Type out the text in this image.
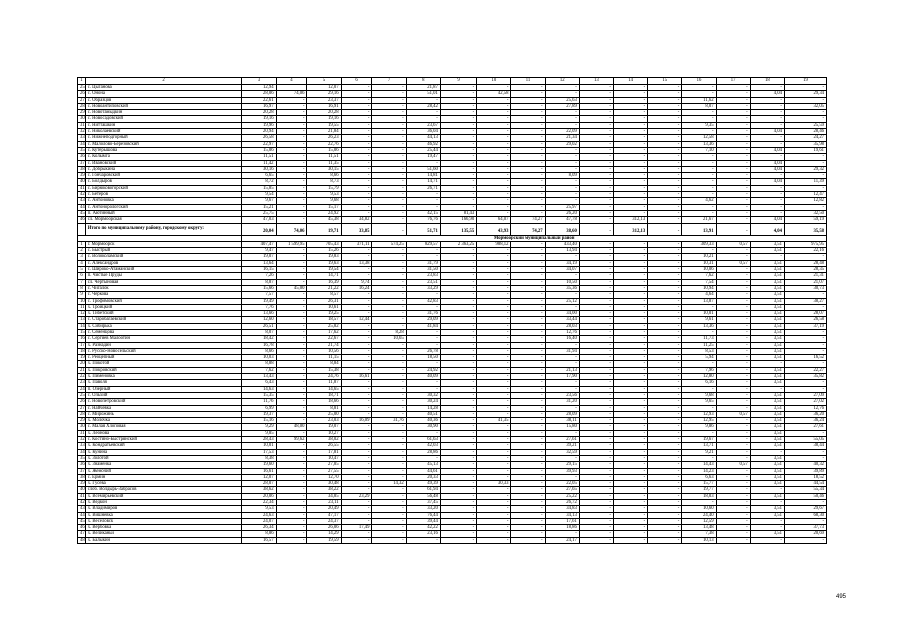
1	2	3	4	5	6	7	8	9	10	11	12	13	14	15	16	17	18	19
25	с. Цыганова	12,94		12,07	-	-	21,87	-	-	-	-	-	-	-	-	-	-	-
26	с. Онона	28,06	74,06	29,16	-	-	51,01	-	42,58	-	-	-	-	-	-	-	4,04	29,34
27	с. Образцов	22,61	-	23,37	-	-	-	-	-	-	25,63	-	-	-	11,62	-	-	-
28	с. Новоантиповский	16,97	-	16,91	-	-	28,42	-	-	-	27,89	-	-	-	8,07	-	-	32,05
29	с. Новотамыдкин	20,28	-	20,28	-	-	-	-	-	-	-	-	-	-	-	-	-	-
30	с. Новосадовский	19,16	-	19,16	-	-	-	-	-	-	-	-	-	-	-	-	-	-
31	с. Нитташкин	19,96	-	19,55	-	-	23,67	-	-	-	-	-	-	-	9,35	-	-	25,59
32	с. Николаевский	20,94	-	21,84	-	-	36,04	-	-	-	22,09	-	-	-	-	-	4,04	28,46
33	с. Нижнеподгорный	26,58	-	26,23	-	-	44,13	-	-	-	21,34	-	-	-	12,58	-	-	24,27
34	с. Малолово-Березовский	22,97	-	22,76	-	-	46,92	-	-	-	29,02	-	-	-	13,36	-	-	35,98
35	с. Кутерышова	15,06	-	15,06	-	-	25,44	-	-	-	-	-	-	-	7,10	-	4,04	19,61
36	с. Колымга	11,51	-	11,51	-	-	19,47	-	-	-	-	-	-	-	-	-	-	-
37	с. Ивановский	11,42	-	11,35	-	-	-	-	-	-	-	-	-	-	-	-	4,04	-
38	с. Добрыкина	30,16	-	30,15	-	-	51,60	-	-	-	-	-	-	-	-	-	4,04	29,32
39	с. Гончаровский	6,65	-	8,66	-	-	14,81	-	-	-	8,09	-	-	-	-	-	-	-
40	с. Болдыров	8,72	-	8,73	-	-	14,71	-	-	-	-	-	-	-	-	-	4,04	11,39
41	с. Бирюковогорский	15,85	-	15,79	-	-	26,71	-	-	-	-	-	-	-	-	-	-	-
42	с. Бетеров	9,54	-	9,53	-	-	-	-	-	-	-	-	-	-	-	-	-	12,47
43	с. Антоновка	9,67	-	9,68	-	-	-	-	-	-	-	-	-	-	4,62	-	-	12,82
44	с. Антонорологский	15,21	-	15,17	-	-	-	-	-	-	25,97	-	-	-	-	-	-	-
45	п. Аютинный	25,75	-	24,92	-	-	42,15	81,43	-	-	26,20	-	-	-	-	-	-	32,50
46	сл. Мормоорская	47,03	-	45,38	34,82	-	76,76	166,90	64,07	74,27	47,78	-	312,13	-	21,67	-	4,04	59,19
	Итого по муниципальному району, городскому округу:	20,04	74,06	19,71	33,85	-	51,71	135,55	43,93	74,27	38,60	-	312,13	-	13,91	-	4,04	35,58
		Мормоорский муниципальный район																
1	г. Мормоорск	407,47	1 599,95	705,43	371,11	574,25	829,57	2 363,25	988,12	-	433,40	-	-	-	309,33	0,57	3,51	975,95
2	с. Быстрый	9,47	-	15,26	-	-	-	-	-	-	13,94	-	-	-	-	-	3,51	22,16
3	с. Волоколамский	19,07	-	19,83	-	-	-	-	-	-	-	-	-	-	10,21	-	-	-
4	с. Александров	13,64	-	19,63	13,38	-	31,79	-	-	-	34,19	-	-	-	10,31	0,57	3,51	28,48
5	с. Широко-Атаманский	16,15	-	19,54	-	-	31,50	-	-	-	34,07	-	-	-	10,06	-	3,51	28,35
6	п. Чистые Пруды	7,26	-	14,71	-	-	23,83	-	-	-	-	-	-	-	7,62	-	3,51	21,31
7	сл. Чертыновая	8,87	-	16,39	9,74	-	23,51	-	-	-	10,50	-	-	-	7,54	-	3,51	21,07
8	с. Чигалок	15,66	45,00	21,22	16,24	-	33,29	-	-	-	35,36	-	-	-	10,94	-	3,51	30,73
9	с. Черкова	7,57	-	8,57	-	-	-	-	-	-	-	-	-	-	4,64	-	3,51	-
10	с. Трофимовский	19,49	-	26,31	-	-	42,83	-	-	-	25,12	-	-	-	13,87	-	3,51	38,27
11	х. Троицкий	7,76	-	10,61	-	-	-	-	-	-	-	-	-	-	-	-	3,51	-
12	х. Тибетский	13,66	-	19,25	-	-	31,76	-	-	-	34,00	-	-	-	10,01	-	3,51	28,07
13	с. Старобагаевский	12,60	-	18,57	12,44	-	29,09	-	-	-	33,44	-	-	-	9,61	-	3,51	26,58
14	х. Сибирька	26,51	-	25,82	-	-	41,84	-	-	-	28,03	-	-	-	13,36	-	3,51	37,19
15	с. Семенцова	8,07	-	17,62	-	8,28	-	-	-	-	12,76	-	-	-	-	-	3,51	-
16	с. Сергиев Малоотин	18,42	-	22,67	-	10,65	-	-	-	-	16,40	-	-	-	11,73	-	3,51	-
17	х. Разнадин	16,78	-	21,74	-	-	-	-	-	-	-	-	-	-	11,25	-	3,51	-
18	с. Русско-Новосельский	8,66	-	10,56	-	-	26,78	-	-	-	31,94	-	-	-	8,53	-	3,51	-
19	с. Реоцепный	10,03	-	11,15	-	-	18,50	-	-	-	-	-	-	-	5,94	-	3,51	16,52
20	х. Покотой	8,88	-	8,84	-	-	-	-	-	-	-	-	-	-	-	-	-	-
21	х. Покровский	7,62	-	15,38	-	-	24,92	-	-	-	21,13	-	-	-	7,96	-	3,51	22,27
22	х. Пименовка	13,43	-	24,76	16,61	-	40,09	-	-	-	17,90	-	-	-	12,80	-	3,51	35,82
23	х. Паволя	6,43	-	11,87	-	-	-	-	-	-	-	-	-	-	6,16	-	3,51	-
24	п. Озерный	14,63	-	14,65	-	-	-	-	-	-	-	-	-	-	-	-	-	-
25	с. Ольхий	15,35	-	18,71	-	-	30,32	-	-	-	23,56	-	-	-	9,68	-	3,51	27,09
26	с. Новопетровский	11,76	-	18,66	-	-	30,24	-	-	-	31,20	-	-	-	9,65	-	3,51	27,02
27	с. Найчевка	6,99	-	8,81	-	-	14,28	-	-	-	-	-	-	-	-	-	3,51	12,76
28	с. Мирожинь	19,37	-	25,00	-	-	40,51	-	-	-	28,09	-	-	-	12,93	0,57	3,51	36,20
29	х. Молочка	15,16	-	23,03	16,09	31,76	40,36	-	41,35	-	38,11	-	-	-	12,95	-	3,51	36,24
30	с. Малая Хлоповая	9,29	48,00	19,07	-	-	30,90	-	-	-	15,80	-	-	-	9,86	-	3,51	27,61
31	х. Леонова	9,85	-	10,27	-	-	-	-	-	-	-	-	-	-	-	-	3,51	-
32	с. Костино-Быстрянский	28,43	99,62	38,02	-	-	61,63	-	-	-	27,61	-	-	-	19,67	-	3,51	55,05
33	х. Кондратьевский	10,01	-	26,55	-	-	42,03	-	-	-	39,21	-	-	-	13,71	-	3,51	38,44
34	х. Кунина	17,53	-	17,81	-	-	28,86	-	-	-	32,59	-	-	-	9,21	-	-	-
35	х. Золотой	8,38	-	10,47	-	-	-	-	-	-	-	-	-	-	-	-	3,51	-
36	х. Знаменка	19,60	-	27,85	-	-	45,13	-	-	-	29,15	-	-	-	14,43	0,57	3,51	40,32
37	х. Жемочий	16,61	-	27,55	-	-	44,61	-	-	-	39,93	-	-	-	14,23	-	3,51	39,89
38	с. Ермин	12,07	-	12,70	-	-	20,33	-	-	-	-	-	-	-	6,63	-	3,51	18,52
39	х. Гусева	28,07	-	30,48	-	14,32	49,39	-	30,33	-	22,05	-	-	-	15,77	-	3,51	44,54
40	слоб. Волдырь-Забрасов	38,62	-	38,22	-	-	61,94	-	-	-	27,65	-	-	-	19,77	-	-	55,34
41	х. Всемирьевский	20,06	-	34,85	23,29	-	56,48	-	-	-	25,22	-	-	-	18,03	-	3,51	50,46
42	х. Ведкон	22,34	-	23,11	-	-	37,45	-	-	-	26,72	-	-	-	-	-	-	-
43	х. Владимиров	9,53	-	20,49	-	-	33,20	-	-	-	34,83	-	-	-	10,60	-	3,51	29,67
44	х. Вишневка	24,63	-	47,17	-	-	76,44	-	-	-	34,13	-	-	-	24,40	-	3,51	68,30
45	х. Веселовск	24,07	-	24,37	-	-	39,44	-	-	-	17,61	-	-	-	12,59	-	-	-
46	х. Вербовка	26,34	-	26,06	17,49	-	42,22	-	-	-	18,86	-	-	-	13,48	-	-	37,73
47	х. Великаньи	8,86	-	14,29	-	-	23,16	-	-	-	-	-	-	-	7,38	-	3,51	20,69
48	х. Балыкин	16,57	-	19,59	-	-	-	-	-	-	24,17	-	-	-	10,13	-	-	-
495
